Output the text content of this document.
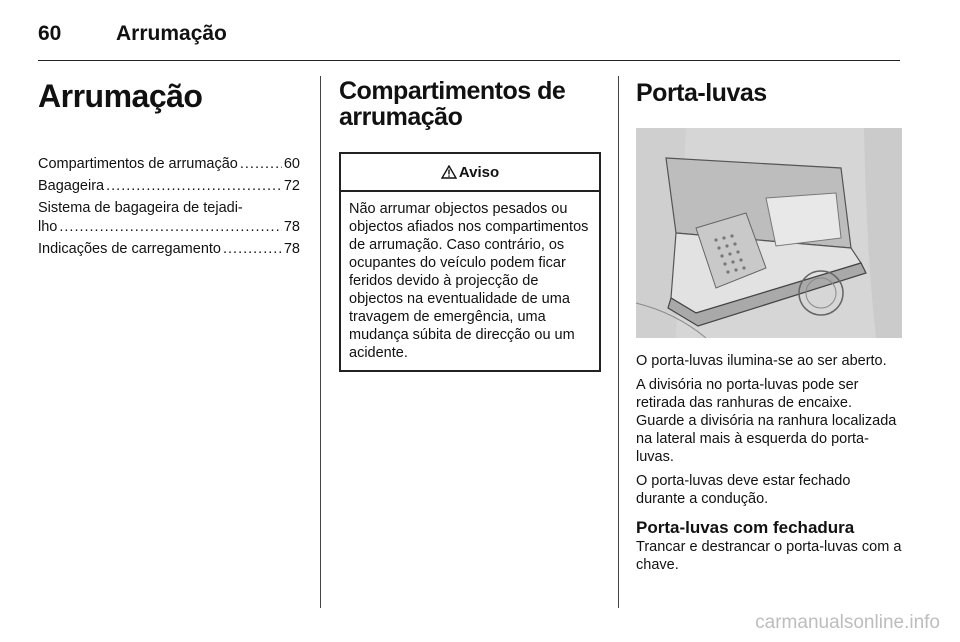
60	Arrumação
Arrumação
Compartimentos de arrumação .....	60
Bagageira .....	72
Sistema de bagageira de tejadi-
lho .....	78
Indicações de carregamento .....	78
Compartimentos de arrumação
Aviso
Não arrumar objectos pesados ou objectos afiados nos compartimentos de arrumação. Caso contrário, os ocupantes do veículo podem ficar feridos devido à projecção de objectos na eventualidade de uma travagem de emergência, uma mudança súbita de direcção ou um acidente.
Porta-luvas

O porta-luvas ilumina-se ao ser aberto.

A divisória no porta-luvas pode ser retirada das ranhuras de encaixe. Guarde a divisória na ranhura localizada na lateral mais à esquerda do porta-luvas.

O porta-luvas deve estar fechado durante a condução.

Porta-luvas com fechadura

Trancar e destrancar o porta-luvas com a chave.

carmanualsonline.info
